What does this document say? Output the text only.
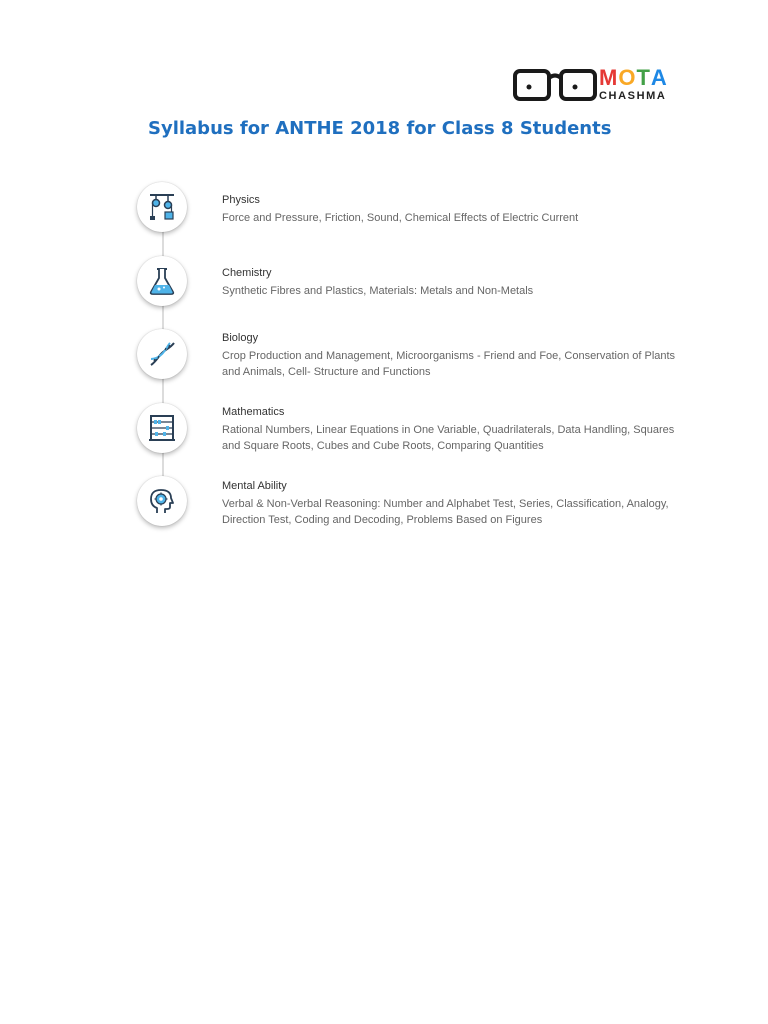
MOTA
CHASHMA
Syllabus for ANTHE 2018 for Class 8 Students

Physics

Force and Pressure, Friction, Sound, Chemical Effects of Electric Current

Chemistry

Synthetic Fibres and Plastics, Materials: Metals and Non-Metals

Biology

Crop Production and Management, Microorganisms - Friend and Foe, Conservation of Plants and Animals, Cell- Structure and Functions

Mathematics

Rational Numbers, Linear Equations in One Variable, Quadrilaterals, Data Handling, Squares and Square Roots, Cubes and Cube Roots, Comparing Quantities

Mental Ability

Verbal & Non-Verbal Reasoning: Number and Alphabet Test, Series, Classification, Analogy, Direction Test, Coding and Decoding, Problems Based on Figures
